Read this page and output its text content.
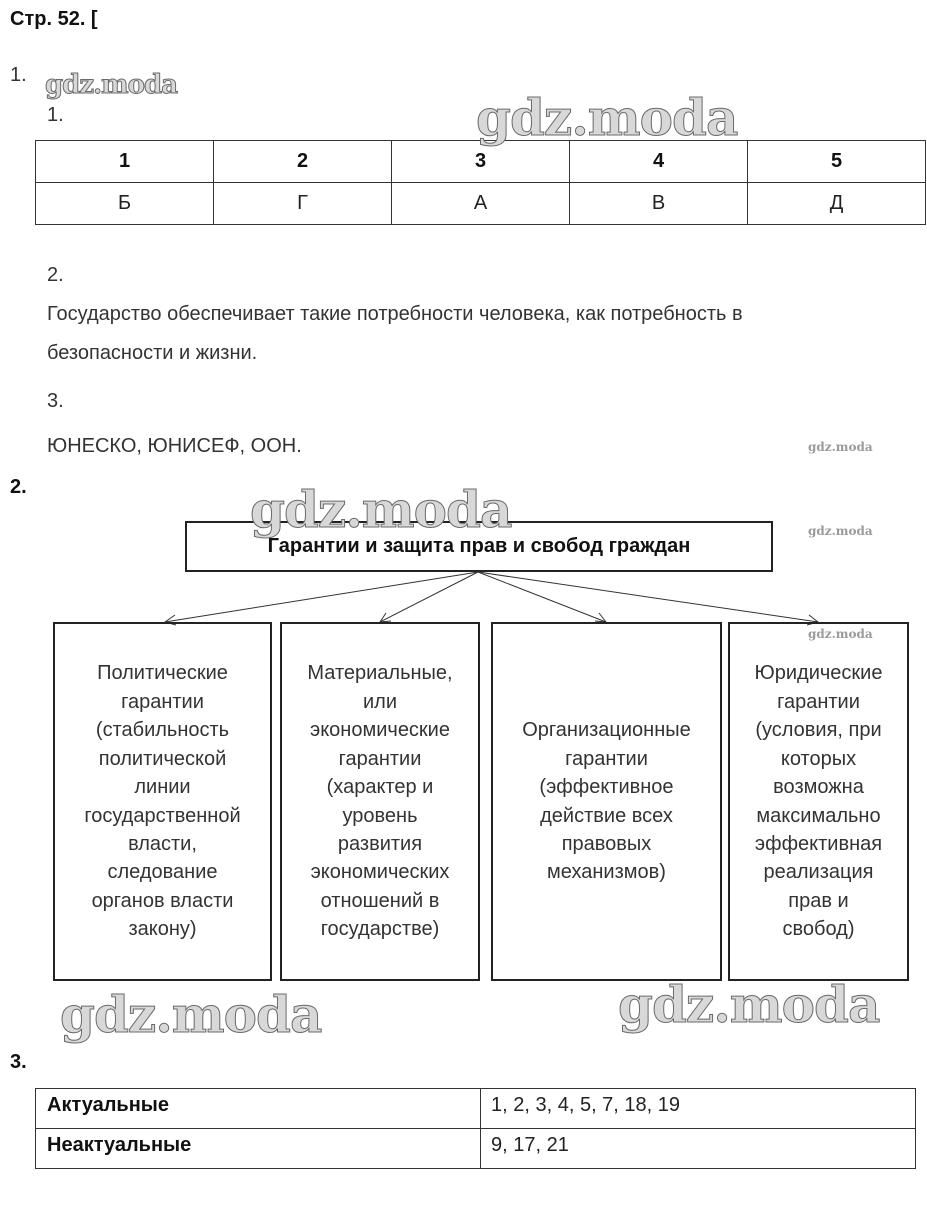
Стр. 52. [
1.
1.
1	2	3	4	5
Б	Г	А	В	Д
2.
Государство обеспечивает такие потребности человека, как потребность в
безопасности и жизни.
3.
ЮНЕСКО, ЮНИСЕФ, ООН.
2.
Гарантии и защита прав и свобод граждан
Политические
гарантии
(стабильность
политической
линии
государственной
власти,
следование
органов власти
закону)
Материальные,
или
экономические
гарантии
(характер и
уровень
развития
экономических
отношений в
государстве)
Организационные
гарантии
(эффективное
действие всех
правовых
механизмов)
Юридические
гарантии
(условия, при
которых
возможна
максимально
эффективная
реализация
прав и
свобод)
3.
Актуальные	1, 2, 3, 4, 5, 7, 18, 19
Неактуальные	9, 17, 21
gdz.moda
gdz.moda
gdz.moda
gdz.moda	gdz.moda
gdz.moda
gdz.moda
gdz.moda
